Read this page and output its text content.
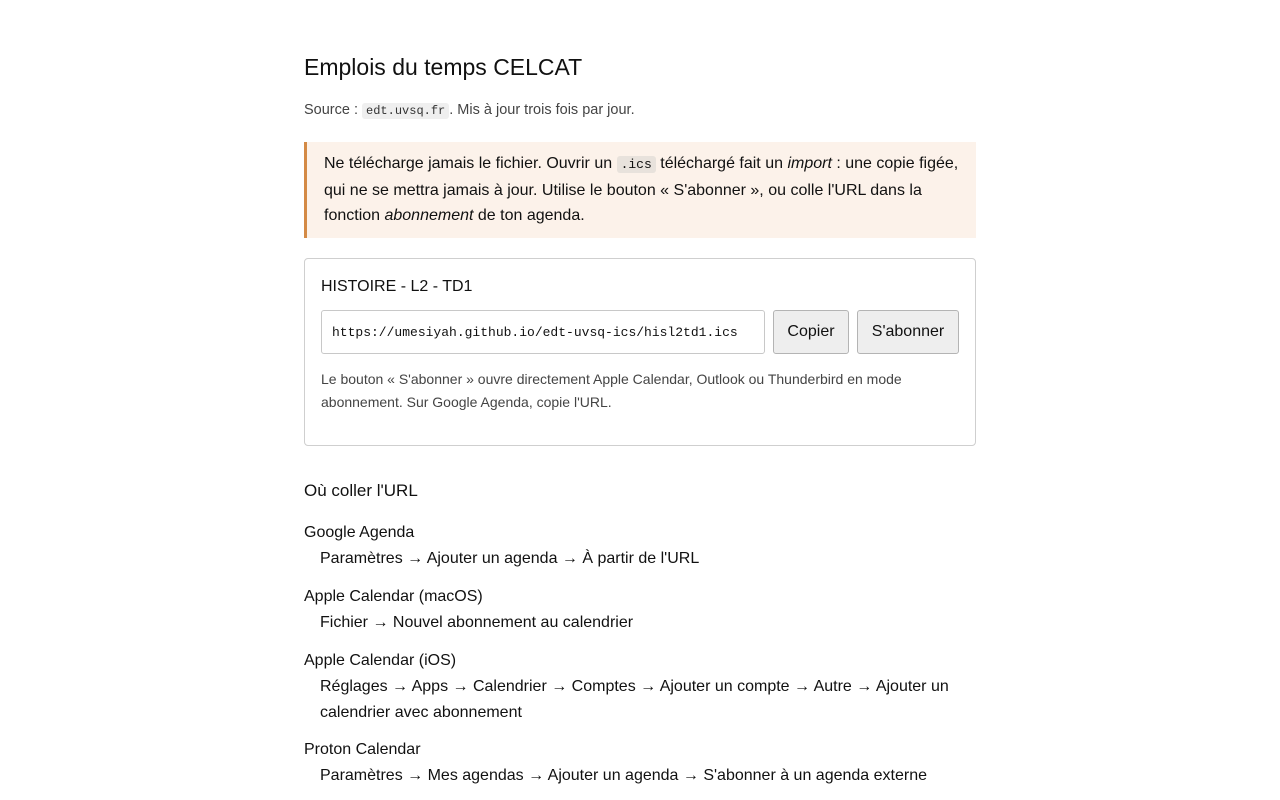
Emplois du temps CELCAT
Source : edt.uvsq.fr . Mis à jour trois fois par jour.

Ne télécharge jamais le fichier. Ouvrir un .ics téléchargé fait un import : une copie figée, qui ne se mettra jamais à jour. Utilise le bouton « S'abonner », ou colle l'URL dans la fonction abonnement de ton agenda.

HISTOIRE - L2 - TD1
https://umesiyah.github.io/edt-uvsq-ics/hisl2td1.ics
Copier	S'abonner
Le bouton « S'abonner » ouvre directement Apple Calendar, Outlook ou Thunderbird en mode abonnement. Sur Google Agenda, copie l'URL.
Où coller l'URL
Google Agenda
Paramètres → Ajouter un agenda → À partir de l'URL
Apple Calendar (macOS)
Fichier → Nouvel abonnement au calendrier
Apple Calendar (iOS)
Réglages → Apps → Calendrier → Comptes → Ajouter un compte → Autre → Ajouter un calendrier avec abonnement
Proton Calendar
Paramètres → Mes agendas → Ajouter un agenda → S'abonner à un agenda externe
